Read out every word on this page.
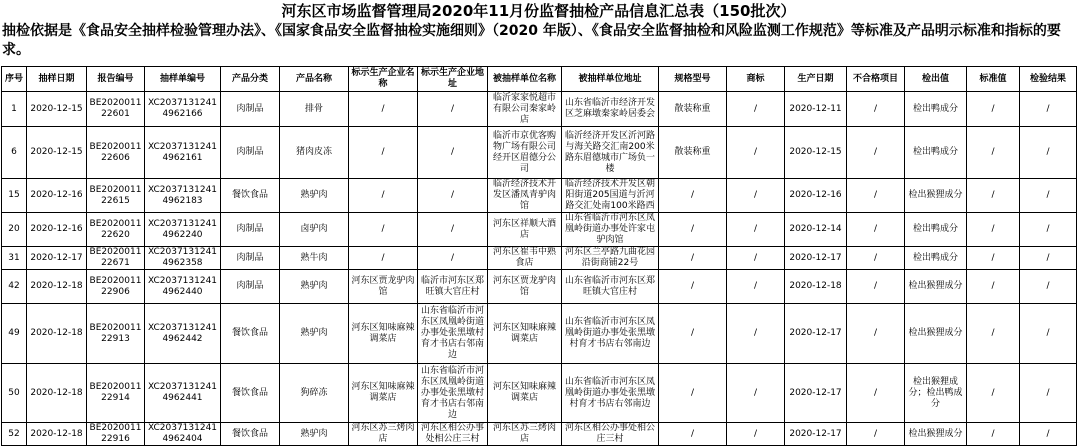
河东区市场监督管理局2020年11月份监督抽检产品信息汇总表（150批次）
抽检依据是《食品安全抽样检验管理办法》、《国家食品安全监督抽检实施细则》（2020 年版）、《食品安全监督抽检和风险监测工作规范》等标准及产品明示标准和指标的要求。
序号	抽样日期	报告编号	抽样单编号	产品分类	产品名称	标示生产企业名称	标示生产企业地址	被抽样单位名称	被抽样单位地址	规格型号	商标	生产日期	不合格项目	检出值	标准值	检验结果
1	2020-12-15	BE202001122601	XC20371312414962166	肉制品	排骨	/	/	临沂家家悦超市有限公司秦家岭店	山东省临沂市经济开发区芝麻墩秦家岭居委会	散装称重	/	2020-12-11	/	检出鸭成分	/	/
6	2020-12-15	BE202001122606	XC20371312414962161	肉制品	猪肉皮冻	/	/	临沂市京优客购物广场有限公司经开区眉德分公司	临沂经济开发区沂河路与海关路交汇南200米路东眉德城市广场负一楼	散装称重	/	2020-12-15	/	检出鸭成分	/	/
15	2020-12-16	BE202001122615	XC20371312414962183	餐饮食品	熟驴肉	/	/	临沂经济技术开发区潘凤青驴肉馆	临沂经济技术开发区朝阳街道205国道与沂河路交汇处南100米路西	/	/	2020-12-16	/	检出猴狸成分	/	/
20	2020-12-16	BE202001122620	XC20371312414962240	肉制品	卤驴肉	/	/	河东区祥顺大酒店	山东省临沂市河东区凤凰岭街道办事处许家屯驴肉馆	/	/	2020-12-14	/	检出鸭成分	/	/
31	2020-12-17	BE202001122671	XC20371312414962358	肉制品	熟牛肉	/	/	河东区崔韦中熟食店	河东区兰亭路九曲花园沿街商铺22号	/	/	2020-12-17	/	检出鸭成分	/	/
42	2020-12-18	BE202001122906	XC20371312414962440	肉制品	熟驴肉	河东区贾龙驴肉馆	临沂市河东区郑旺镇大官庄村	河东区贾龙驴肉馆	山东省临沂市河东区郑旺镇大官庄村	/	/	2020-12-18	/	检出猴狸成分	/	/
49	2020-12-18	BE202001122913	XC20371312414962442	餐饮食品	熟驴肉	河东区知味麻辣调菜店	山东省临沂市河东区凤凰岭街道办事处张黑墩村育才书店右邻南边	河东区知味麻辣调菜店	山东省临沂市河东区凤凰岭街道办事处张黑墩村育才书店右邻南边	/	/	2020-12-17	/	检出猴狸成分	/	/
50	2020-12-18	BE202001122914	XC20371312414962441	餐饮食品	狗碎冻	河东区知味麻辣调菜店	山东省临沂市河东区凤凰岭街道办事处张黑墩村育才书店右邻南边	河东区知味麻辣调菜店	山东省临沂市河东区凤凰岭街道办事处张黑墩村育才书店右邻南边	/	/	2020-12-17	/	检出猴狸成分；检出鸭成分	/	/
52	2020-12-18	BE202001122916	XC20371312414962404	餐饮食品	熟驴肉	河东区苏三烤肉店	河东区相公办事处相公庄三村	河东区苏三烤肉店	河东区相公办事处相公庄三村	/	/	2020-12-17	/	检出猴狸成分	/	/
